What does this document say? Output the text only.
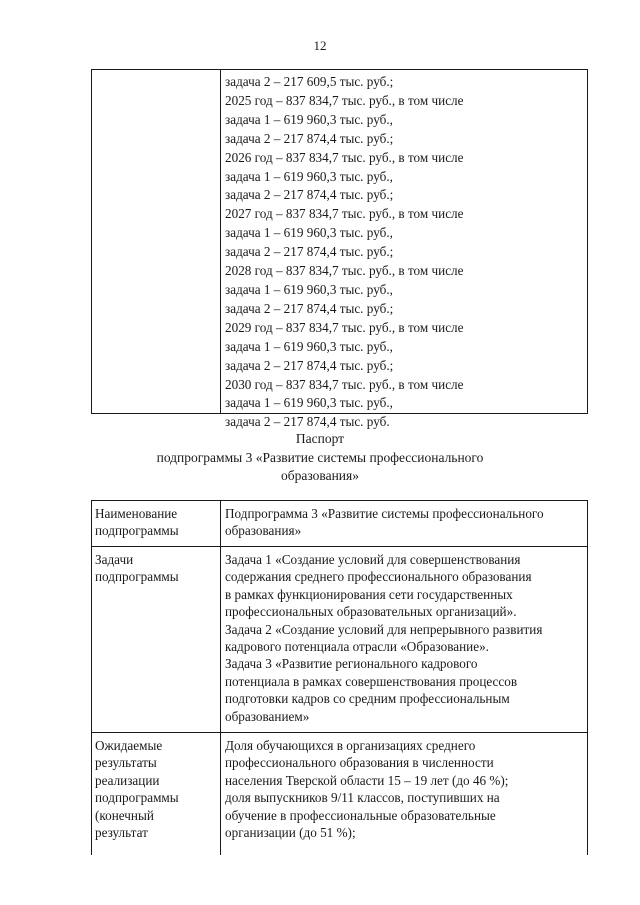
12
задача 2 – 217 609,5 тыс. руб.;
2025 год – 837 834,7 тыс. руб., в том числе
задача 1 – 619 960,3 тыс. руб.,
задача 2 – 217 874,4 тыс. руб.;
2026 год – 837 834,7 тыс. руб., в том числе
задача 1 – 619 960,3 тыс. руб.,
задача 2 – 217 874,4 тыс. руб.;
2027 год – 837 834,7 тыс. руб., в том числе
задача 1 – 619 960,3 тыс. руб.,
задача 2 – 217 874,4 тыс. руб.;
2028 год – 837 834,7 тыс. руб., в том числе
задача 1 – 619 960,3 тыс. руб.,
задача 2 – 217 874,4 тыс. руб.;
2029 год – 837 834,7 тыс. руб., в том числе
задача 1 – 619 960,3 тыс. руб.,
задача 2 – 217 874,4 тыс. руб.;
2030 год – 837 834,7 тыс. руб., в том числе
задача 1 – 619 960,3 тыс. руб.,
задача 2 – 217 874,4 тыс. руб.
Паспорт
подпрограммы 3 «Развитие системы профессионального
образования»
Наименование
подпрограммы
Подпрограмма 3 «Развитие системы профессионального
образования»
Задачи
подпрограммы
Задача 1 «Создание условий для совершенствования
содержания среднего профессионального образования
в рамках функционирования сети государственных
профессиональных образовательных организаций».
Задача 2 «Создание условий для непрерывного развития
кадрового потенциала отрасли «Образование».
Задача 3 «Развитие регионального кадрового
потенциала в рамках совершенствования процессов
подготовки кадров со средним профессиональным
образованием»
Ожидаемые
результаты
реализации
подпрограммы
(конечный
результат
Доля обучающихся в организациях среднего
профессионального образования в численности
населения Тверской области 15 – 19 лет (до 46 %);
доля выпускников 9/11 классов, поступивших на
обучение в профессиональные образовательные
организации (до 51 %);
